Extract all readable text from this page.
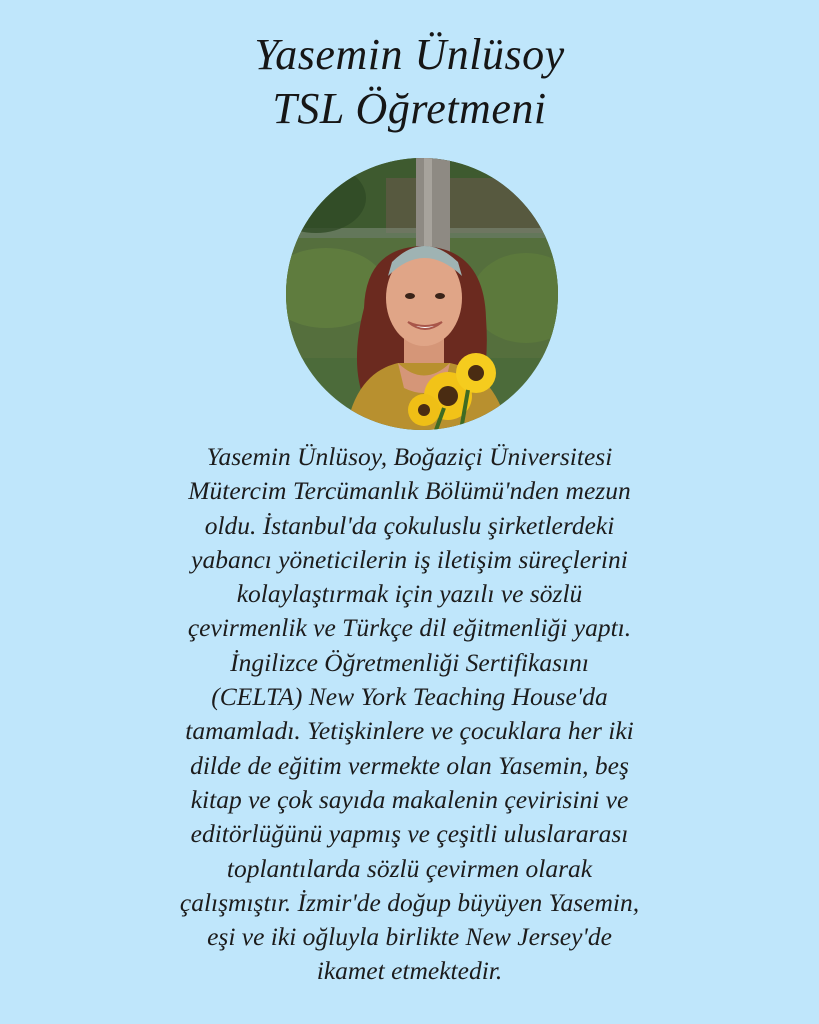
Yasemin Ünlüsoy
TSL Öğretmeni
Yasemin Ünlüsoy, Boğaziçi Üniversitesi
Mütercim Tercümanlık Bölümü'nden mezun
oldu. İstanbul'da çokuluslu şirketlerdeki
yabancı yöneticilerin iş iletişim süreçlerini
kolaylaştırmak için yazılı ve sözlü
çevirmenlik ve Türkçe dil eğitmenliği yaptı.
İngilizce Öğretmenliği Sertifikasını
(CELTA) New York Teaching House'da
tamamladı. Yetişkinlere ve çocuklara her iki
dilde de eğitim vermekte olan Yasemin, beş
kitap ve çok sayıda makalenin çevirisini ve
editörlüğünü yapmış ve çeşitli uluslararası
toplantılarda sözlü çevirmen olarak
çalışmıştır. İzmir'de doğup büyüyen Yasemin,
eşi ve iki oğluyla birlikte New Jersey'de
ikamet etmektedir.
